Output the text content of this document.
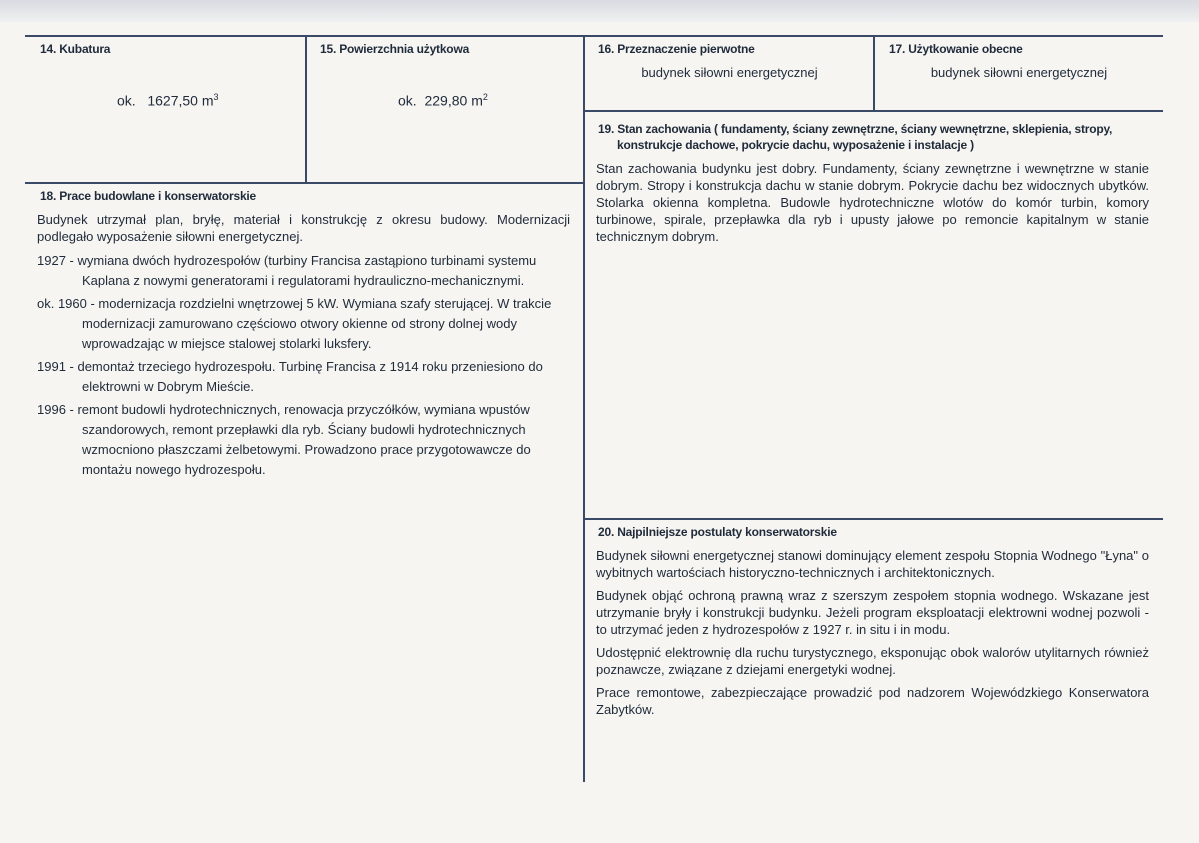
14. Kubatura
ok. 1627,50 $m^3$
15. Powierzchnia użytkowa
ok. 229,80 $m^2$
16. Przeznaczenie pierwotne
budynek siłowni energetycznej
17. Użytkowanie obecne
budynek siłowni energetycznej
18. Prace budowlane i konserwatorskie

Budynek utrzymał plan, bryłę, materiał i konstrukcję z okresu budowy. Modernizacji podlegało wyposażenie siłowni energetycznej.

1927 - wymiana dwóch hydrozespołów (turbiny Francisa zastąpiono turbinami systemu Kaplana z nowymi generatorami i regulatorami hydrauliczno-mechanicznymi.
ok. 1960 - modernizacja rozdzielni wnętrzowej 5 kW. Wymiana szafy sterującej. W trakcie modernizacji zamurowano częściowo otwory okienne od strony dolnej wody wprowadzając w miejsce stalowej stolarki luksfery.
1991 - demontaż trzeciego hydrozespołu. Turbinę Francisa z 1914 roku przeniesiono do elektrowni w Dobrym Mieście.
1996 - remont budowli hydrotechnicznych, renowacja przyczółków, wymiana wpustów szandorowych, remont przepławki dla ryb. Ściany budowli hydrotechnicznych wzmocniono płaszczami żelbetowymi. Prowadzono prace przygotowawcze do montażu nowego hydrozespołu.
19. Stan zachowania ( fundamenty, ściany zewnętrzne, ściany wewnętrzne, sklepienia, stropy,
konstrukcje dachowe, pokrycie dachu, wyposażenie i instalacje )
Stan zachowania budynku jest dobry. Fundamenty, ściany zewnętrzne i wewnętrzne w stanie dobrym. Stropy i konstrukcja dachu w stanie dobrym. Pokrycie dachu bez widocznych ubytków. Stolarka okienna kompletna. Budowle hydrotechniczne wlotów do komór turbin, komory turbinowe, spirale, przepławka dla ryb i upusty jałowe po remoncie kapitalnym w stanie technicznym dobrym.
20. Najpilniejsze postulaty konserwatorskie

Budynek siłowni energetycznej stanowi dominujący element zespołu Stopnia Wodnego "Łyna" o wybitnych wartościach historyczno-technicznych i architektonicznych.

Budynek objąć ochroną prawną wraz z szerszym zespołem stopnia wodnego. Wskazane jest utrzymanie bryły i konstrukcji budynku. Jeżeli program eksploatacji elektrowni wodnej pozwoli - to utrzymać jeden z hydrozespołów z 1927 r. in situ i in modu.

Udostępnić elektrownię dla ruchu turystycznego, eksponując obok walorów utylitarnych również poznawcze, związane z dziejami energetyki wodnej.

Prace remontowe, zabezpieczające prowadzić pod nadzorem Wojewódzkiego Konserwatora Zabytków.
